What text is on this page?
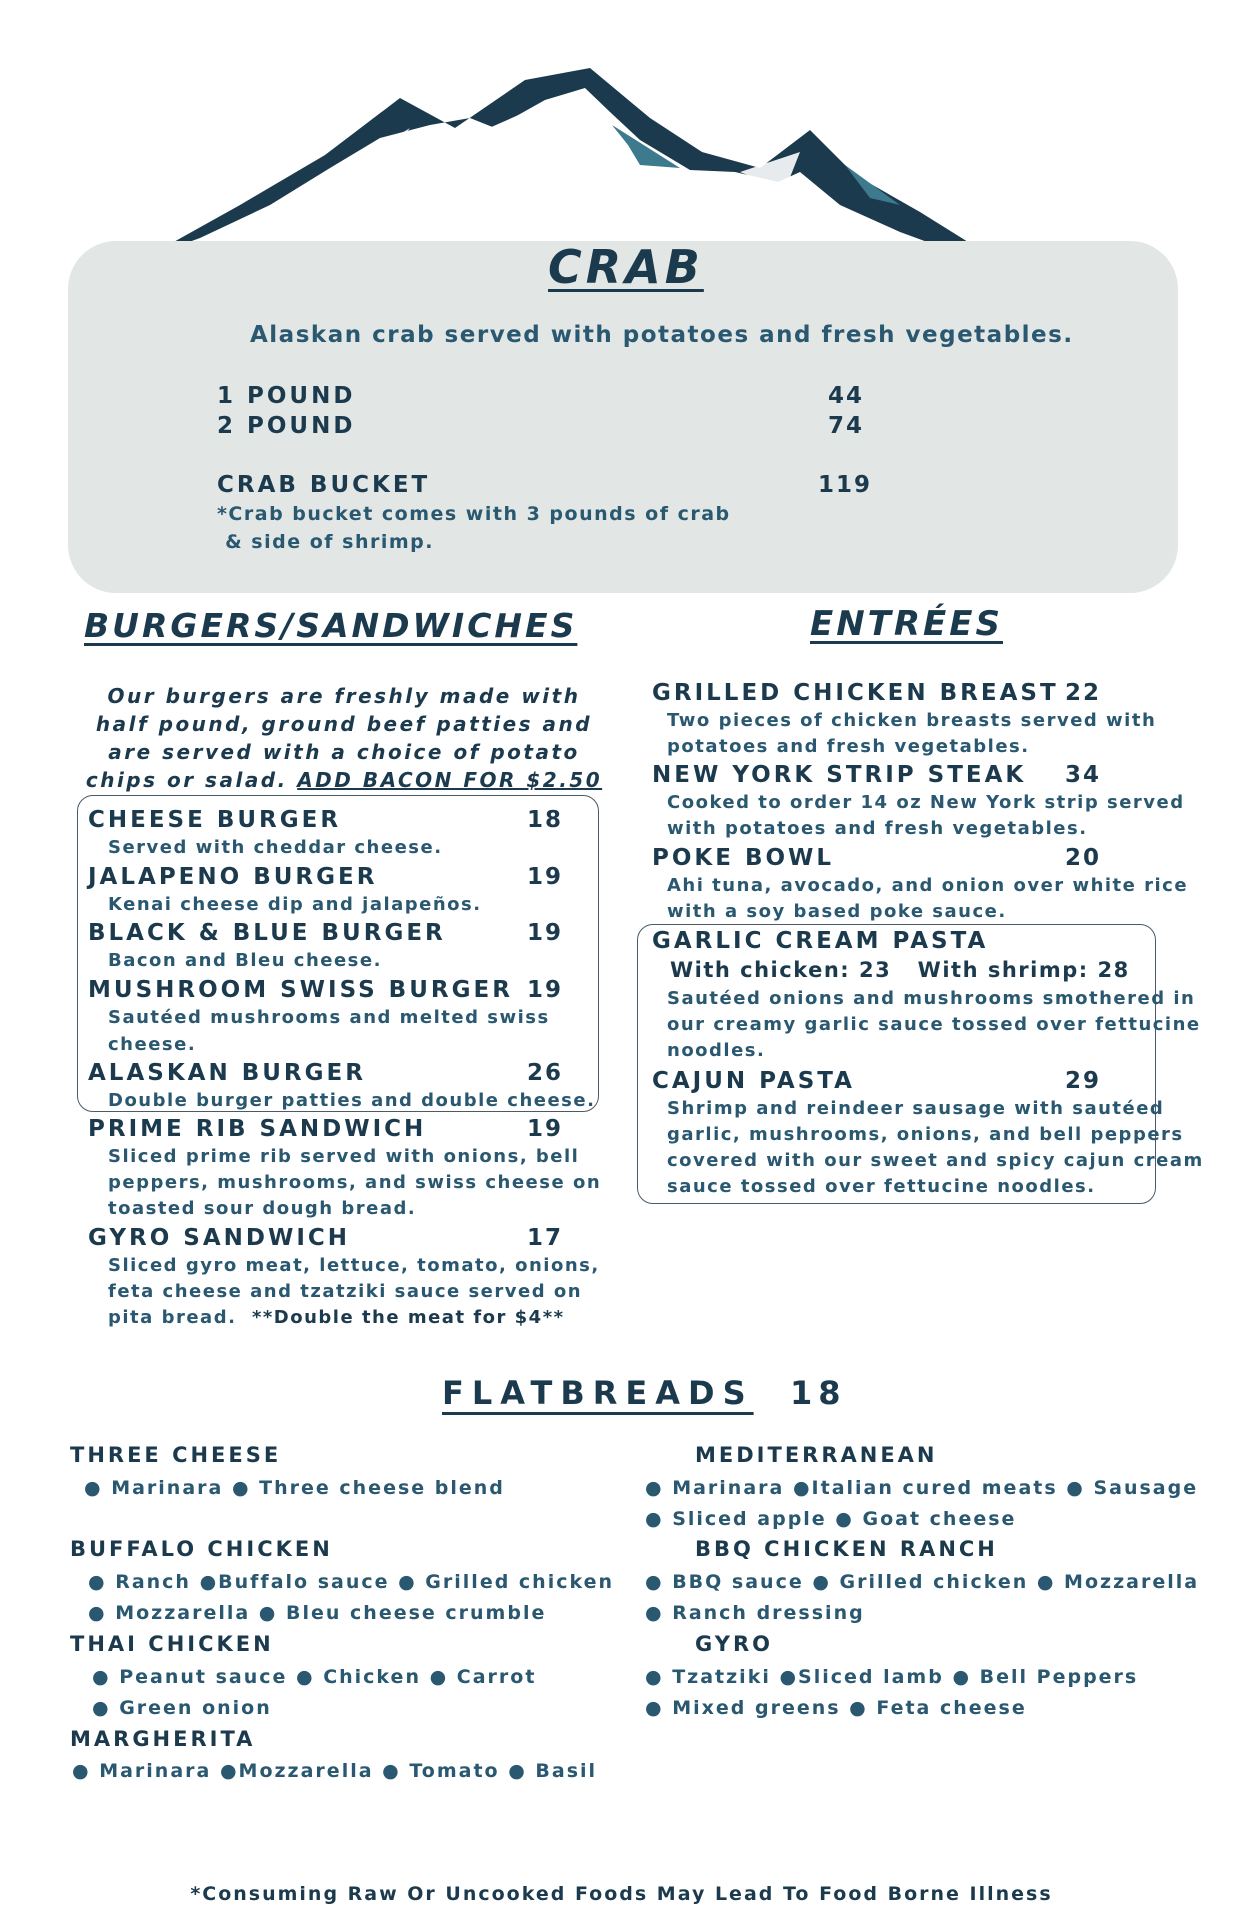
CRAB
Alaskan crab served with potatoes and fresh vegetables.
1 POUND	44
2 POUND	74
CRAB BUCKET	119
*Crab bucket comes with 3 pounds of crab
& side of shrimp.
BURGERS/SANDWICHES
Our burgers are freshly made with
half pound, ground beef patties and
are served with a choice of potato
chips or salad. ADD BACON FOR $2.50
CHEESE BURGER	18
Served with cheddar cheese.
JALAPENO BURGER	19
Kenai cheese dip and jalapeños.
BLACK & BLUE BURGER	19
Bacon and Bleu cheese.
MUSHROOM SWISS BURGER 19
Sautéed mushrooms and melted swiss
cheese.
ALASKAN BURGER	26
Double burger patties and double cheese.
PRIME RIB SANDWICH	19
Sliced prime rib served with onions, bell
peppers, mushrooms, and swiss cheese on
toasted sour dough bread.
GYRO SANDWICH	17
Sliced gyro meat, lettuce, tomato, onions,
feta cheese and tzatziki sauce served on
pita bread. **Double the meat for $4**
ENTRÉES
GRILLED CHICKEN BREAST 22
Two pieces of chicken breasts served with
potatoes and fresh vegetables.
NEW YORK STRIP STEAK 34
Cooked to order 14 oz New York strip served
with potatoes and fresh vegetables.
POKE BOWL	20
Ahi tuna, avocado, and onion over white rice
with a soy based poke sauce.
GARLIC CREAM PASTA
With chicken: 23   With shrimp: 28
Sautéed onions and mushrooms smothered in
our creamy garlic sauce tossed over fettucine
noodles.
CAJUN PASTA	29
Shrimp and reindeer sausage with sautéed
garlic, mushrooms, onions, and bell peppers
covered with our sweet and spicy cajun cream
sauce tossed over fettucine noodles.
FLATBREADS 18
THREE CHEESE
● Marinara ● Three cheese blend
BUFFALO CHICKEN
● Ranch ●Buffalo sauce ● Grilled chicken
● Mozzarella ● Bleu cheese crumble
THAI CHICKEN
● Peanut sauce ● Chicken ● Carrot
● Green onion
MARGHERITA
● Marinara ●Mozzarella ● Tomato ● Basil
MEDITERRANEAN
● Marinara ●Italian cured meats ● Sausage
● Sliced apple ● Goat cheese
BBQ CHICKEN RANCH
● BBQ sauce ● Grilled chicken ● Mozzarella
● Ranch dressing
GYRO
● Tzatziki ●Sliced lamb ● Bell Peppers
● Mixed greens ● Feta cheese
*Consuming Raw Or Uncooked Foods May Lead To Food Borne Illness
